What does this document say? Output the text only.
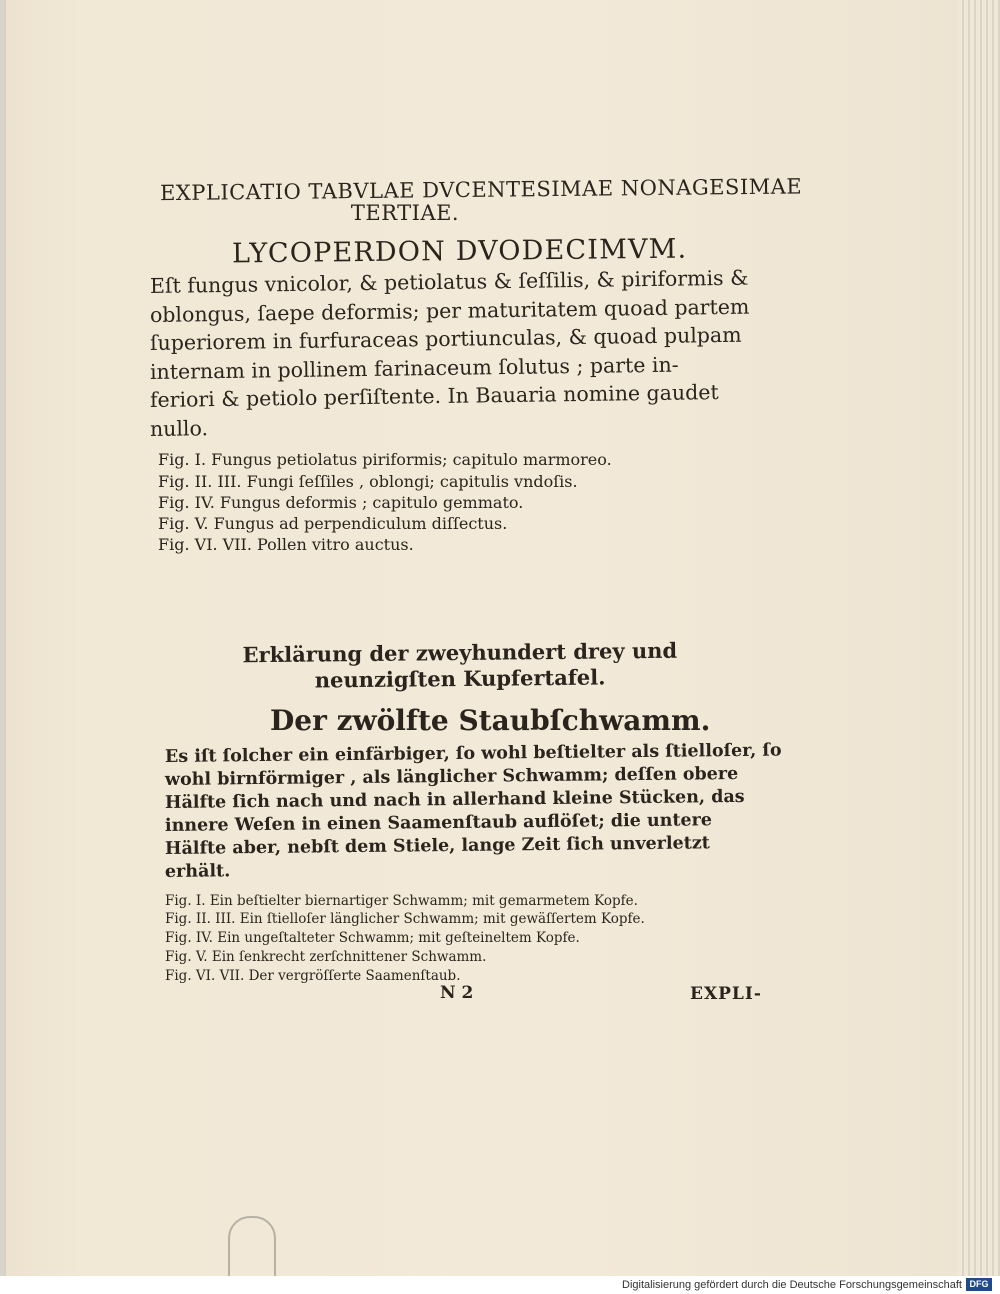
EXPLICATIO TABVLAE DVCENTESIMAE NONAGESIMAE
TERTIAE.
LYCOPERDON DVODECIMVM.

Eſt fungus vnicolor, & petiolatus & ſeſſilis, & piriformis &

oblongus, ſaepe deformis; per maturitatem quoad partem

ſuperiorem in furfuraceas portiunculas, & quoad pulpam

internam in pollinem farinaceum ſolutus ; parte in-

feriori & petiolo perſiſtente. In Bauaria nomine gaudet

nullo.

Fig. I. Fungus petiolatus piriformis; capitulo marmoreo.
Fig. II. III. Fungi ſeſſiles , oblongi; capitulis vndoſis.
Fig. IV. Fungus deformis ; capitulo gemmato.
Fig. V. Fungus ad perpendiculum diſſectus.
Fig. VI. VII. Pollen vitro auctus.
Erklärung der zweyhundert drey und neunzigſten Kupfertafel.
Der zwölfte Staubſchwamm.

Es iſt ſolcher ein einfärbiger, ſo wohl beſtielter als ſtielloſer, ſo

wohl birnförmiger , als länglicher Schwamm; deſſen obere

Hälfte ſich nach und nach in allerhand kleine Stücken, das

innere Weſen in einen Saamenſtaub auflöſet; die untere

Hälfte aber, nebſt dem Stiele, lange Zeit ſich unverletzt

erhält.

Fig. I. Ein beſtielter biernartiger Schwamm; mit gemarmetem Kopfe.
Fig. II. III. Ein ſtielloſer länglicher Schwamm; mit gewäſſertem Kopfe.
Fig. IV. Ein ungeſtalteter Schwamm; mit geſteineltem Kopfe.
Fig. V. Ein ſenkrecht zerſchnittener Schwamm.
Fig. VI. VII. Der vergröſſerte Saamenſtaub.
N 2	EXPLI-
Digitalisierung gefördert durch die Deutsche Forschungsgemeinschaft DFG
